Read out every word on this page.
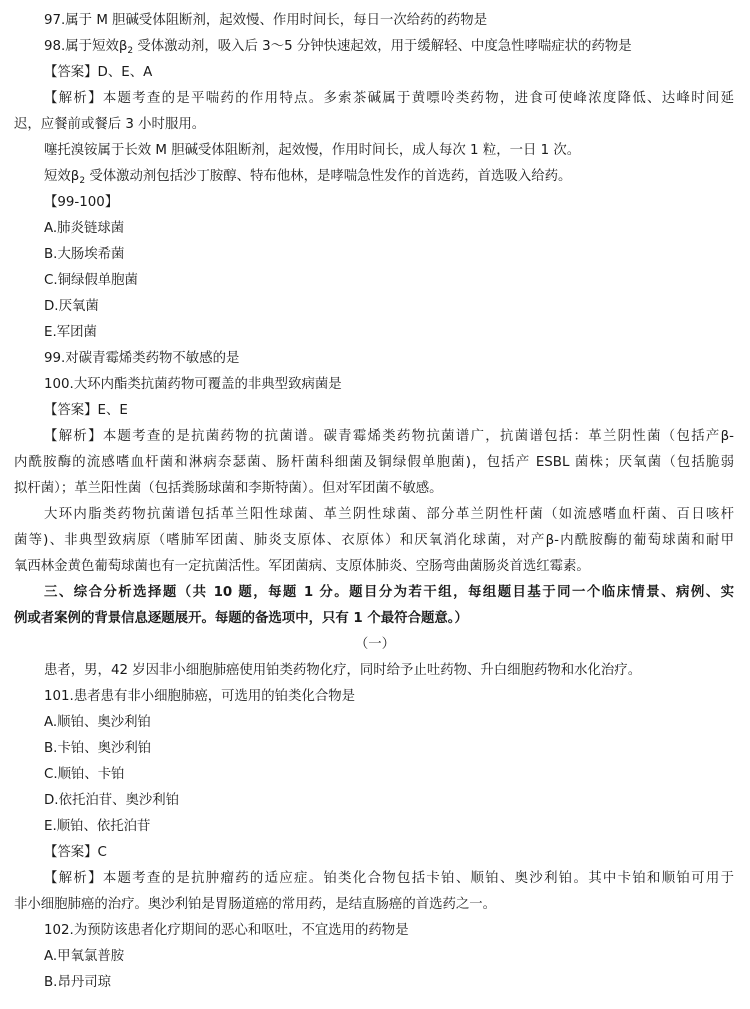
97.属于 M 胆碱受体阻断剂，起效慢、作用时间长，每日一次给药的药物是
98.属于短效$\beta_2$ 受体激动剂，吸入后 3～5 分钟快速起效，用于缓解轻、中度急性哮喘症状的药物是
【答案】D、E、A
【解析】本题考查的是平喘药的作用特点。多索茶碱属于黄嘌呤类药物，进食可使峰浓度降低、达峰时间延
迟，应餐前或餐后 3 小时服用。
噻托溴铵属于长效 M 胆碱受体阻断剂，起效慢，作用时间长，成人每次 1 粒，一日 1 次。
短效$\beta_2$ 受体激动剂包括沙丁胺醇、特布他林，是哮喘急性发作的首选药，首选吸入给药。
【99-100】
A.肺炎链球菌
B.大肠埃希菌
C.铜绿假单胞菌
D.厌氧菌
E.军团菌
99.对碳青霉烯类药物不敏感的是
100.大环内酯类抗菌药物可覆盖的非典型致病菌是
【答案】E、E
【解析】本题考查的是抗菌药物的抗菌谱。碳青霉烯类药物抗菌谱广，抗菌谱包括：革兰阴性菌（包括产β-
内酰胺酶的流感嗜血杆菌和淋病奈瑟菌、肠杆菌科细菌及铜绿假单胞菌)，包括产 ESBL 菌株；厌氧菌（包括脆弱
拟杆菌）；革兰阳性菌（包括粪肠球菌和李斯特菌）。但对军团菌不敏感。
大环内脂类药物抗菌谱包括革兰阳性球菌、革兰阴性球菌、部分革兰阴性杆菌（如流感嗜血杆菌、百日咳杆
菌等)、非典型致病原（嗜肺军团菌、肺炎支原体、衣原体）和厌氧消化球菌，对产β-内酰胺酶的葡萄球菌和耐甲
氧西林金黄色葡萄球菌也有一定抗菌活性。军团菌病、支原体肺炎、空肠弯曲菌肠炎首选红霉素。
三、综合分析选择题（共 10 题，每题 1 分。题目分为若干组，每组题目基于同一个临床情景、病例、实
例或者案例的背景信息逐题展开。每题的备选项中，只有 1 个最符合题意。）
（一）
患者，男，42 岁因非小细胞肺癌使用铂类药物化疗，同时给予止吐药物、升白细胞药物和水化治疗。
101.患者患有非小细胞肺癌，可选用的铂类化合物是
A.顺铂、奥沙利铂
B.卡铂、奥沙利铂
C.顺铂、卡铂
D.依托泊苷、奥沙利铂
E.顺铂、依托泊苷
【答案】C
【解析】本题考查的是抗肿瘤药的适应症。铂类化合物包括卡铂、顺铂、奥沙利铂。其中卡铂和顺铂可用于
非小细胞肺癌的治疗。奥沙利铂是胃肠道癌的常用药，是结直肠癌的首选药之一。
102.为预防该患者化疗期间的恶心和呕吐，不宜选用的药物是
A.甲氧氯普胺
B.昂丹司琼
